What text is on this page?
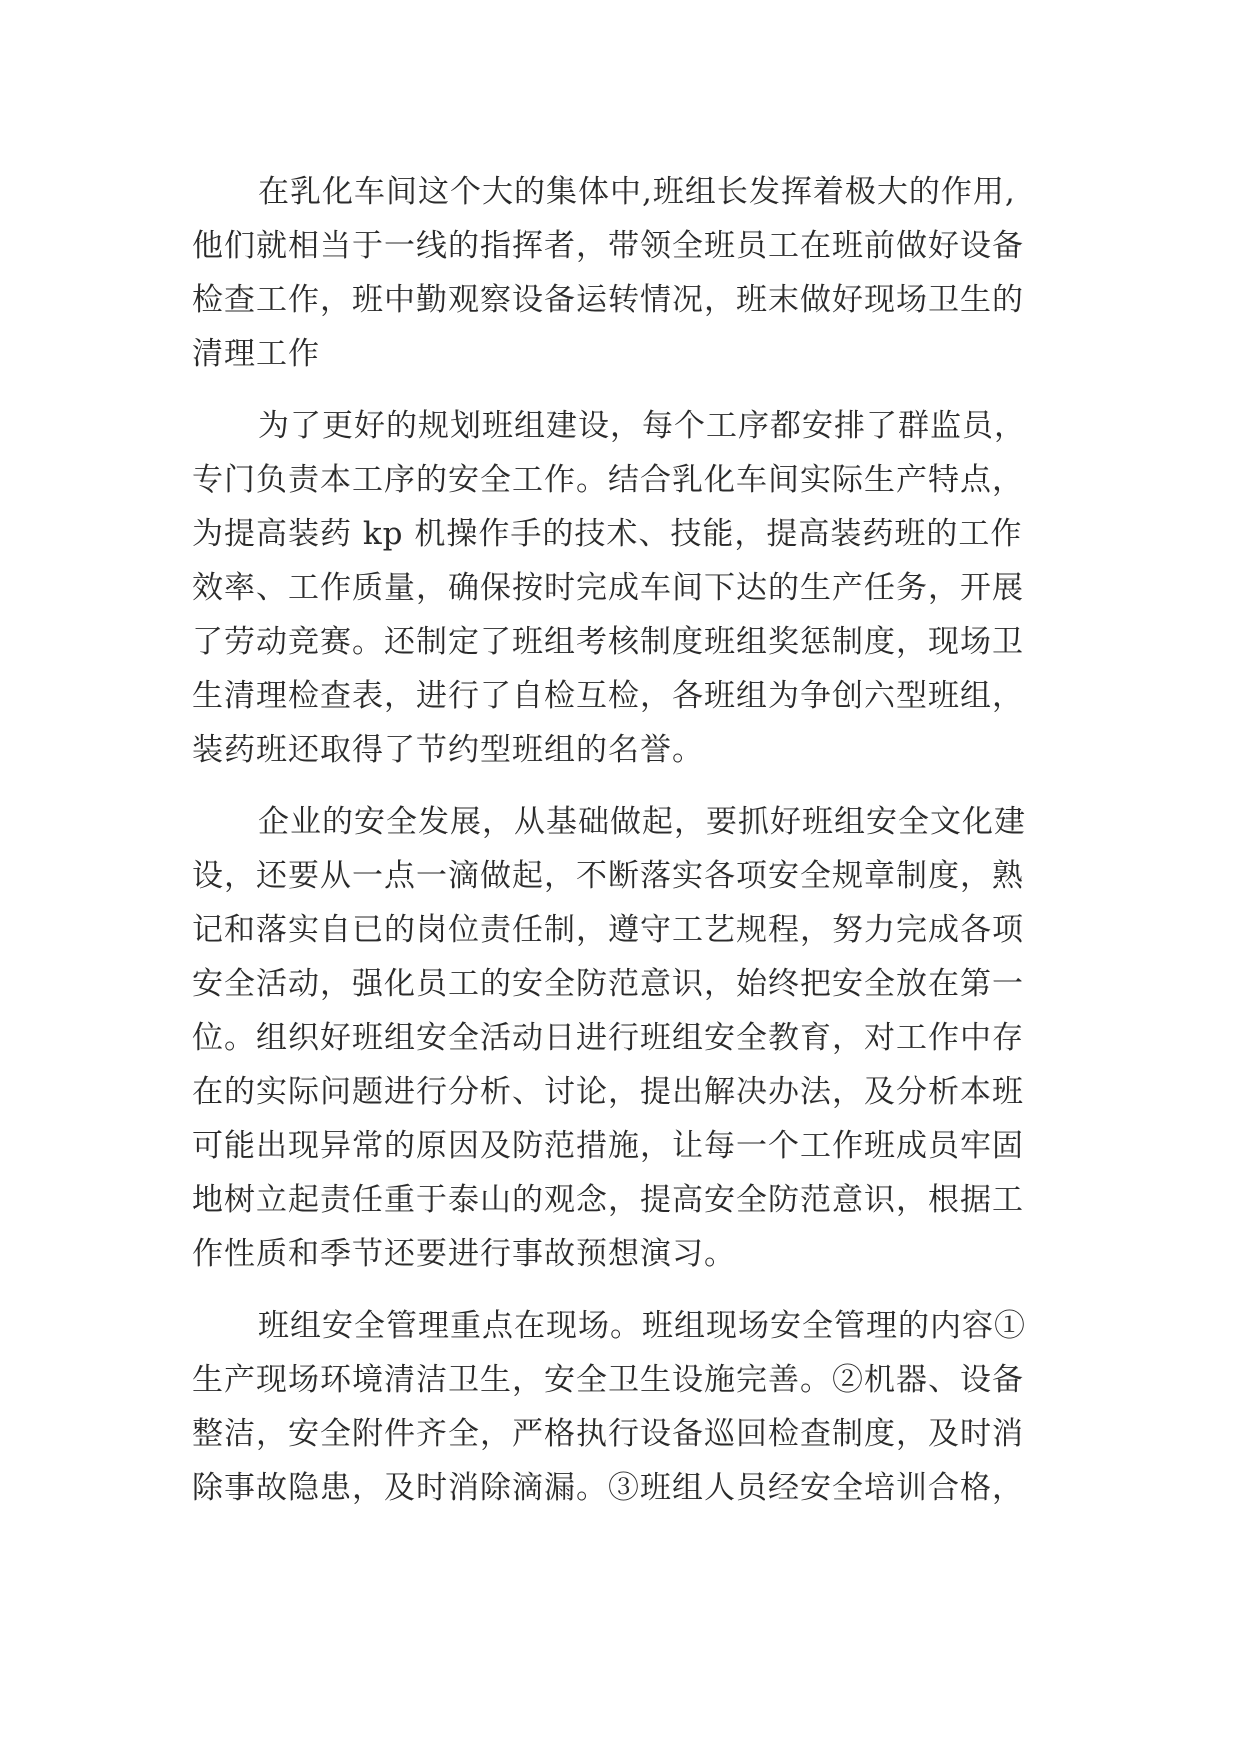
在乳化车间这个大的集体中,班组长发挥着极大的作用,
他们就相当于一线的指挥者，带领全班员工在班前做好设备
检查工作，班中勤观察设备运转情况，班末做好现场卫生的
清理工作
为了更好的规划班组建设，每个工序都安排了群监员，
专门负责本工序的安全工作。结合乳化车间实际生产特点，
为提高装药 kp 机操作手的技术、技能，提高装药班的工作
效率、工作质量，确保按时完成车间下达的生产任务，开展
了劳动竞赛。还制定了班组考核制度班组奖惩制度，现场卫
生清理检查表，进行了自检互检，各班组为争创六型班组，
装药班还取得了节约型班组的名誉。
企业的安全发展，从基础做起，要抓好班组安全文化建
设，还要从一点一滴做起，不断落实各项安全规章制度，熟
记和落实自已的岗位责任制，遵守工艺规程，努力完成各项
安全活动，强化员工的安全防范意识，始终把安全放在第一
位。组织好班组安全活动日进行班组安全教育，对工作中存
在的实际问题进行分析、讨论，提出解决办法，及分析本班
可能出现异常的原因及防范措施，让每一个工作班成员牢固
地树立起责任重于泰山的观念，提高安全防范意识，根据工
作性质和季节还要进行事故预想演习。
班组安全管理重点在现场。班组现场安全管理的内容①
生产现场环境清洁卫生，安全卫生设施完善。②机器、设备
整洁，安全附件齐全，严格执行设备巡回检查制度，及时消
除事故隐患，及时消除滴漏。③班组人员经安全培训合格，
